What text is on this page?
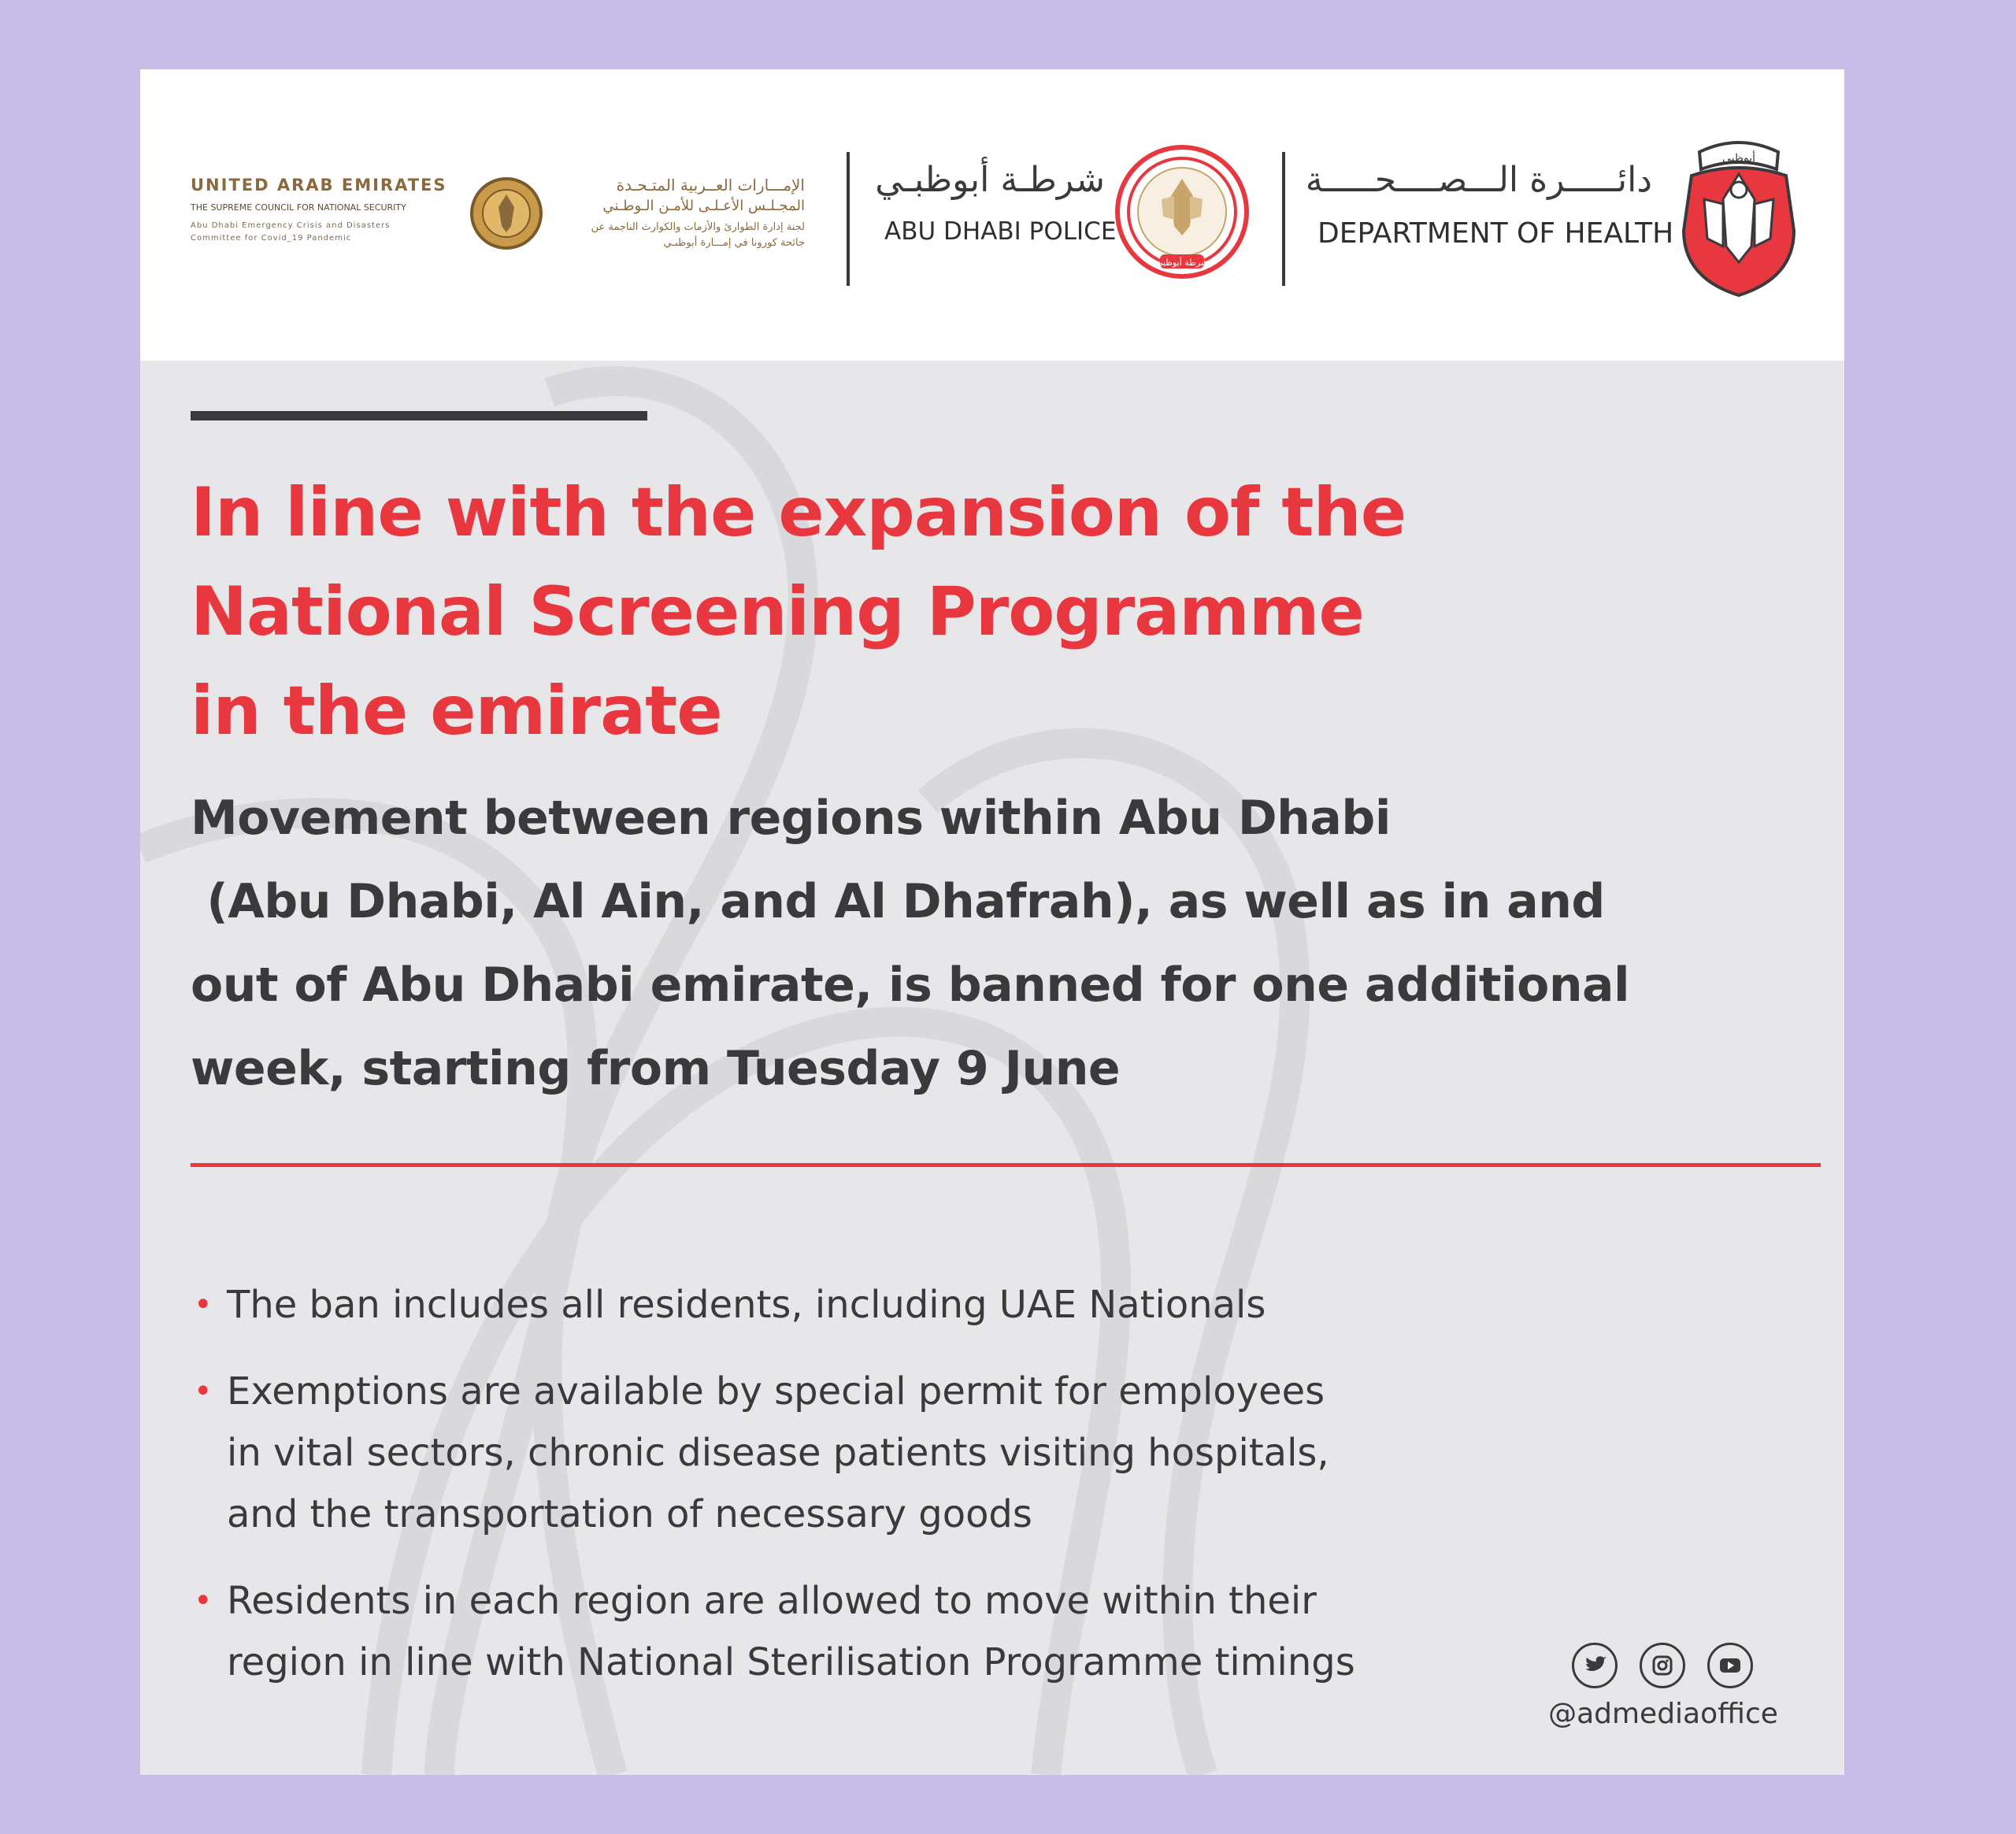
UNITED ARAB EMIRATES
THE SUPREME COUNCIL FOR NATIONAL SECURITY
Abu Dhabi Emergency Crisis and Disasters
Committee for Covid_19 Pandemic
الإمـــارات العــربية المتـحـدة
المجـلـس الأعـلـى للأمـن الـوطـني
لجنة إدارة الطوارئ والأزمات والكوارث الناجمة عن
جائحة كورونا في إمـــارة أبوظبـي
شرطـة أبوظبـي
ABU DHABI POLICE
شرطة أبوظبي
دائـــــرة الـــصــــحـــــة
DEPARTMENT OF HEALTH
أبوظبي
In line with the expansion of the
National Screening Programme
in the emirate
Movement between regions within Abu Dhabi
(Abu Dhabi, Al Ain, and Al Dhafrah), as well as in and
out of Abu Dhabi emirate, is banned for one additional
week, starting from Tuesday 9 June
• The ban includes all residents, including UAE Nationals
• Exemptions are available by special permit for employees
in vital sectors, chronic disease patients visiting hospitals,
and the transportation of necessary goods
• Residents in each region are allowed to move within their
region in line with National Sterilisation Programme timings
@admediaoffice
